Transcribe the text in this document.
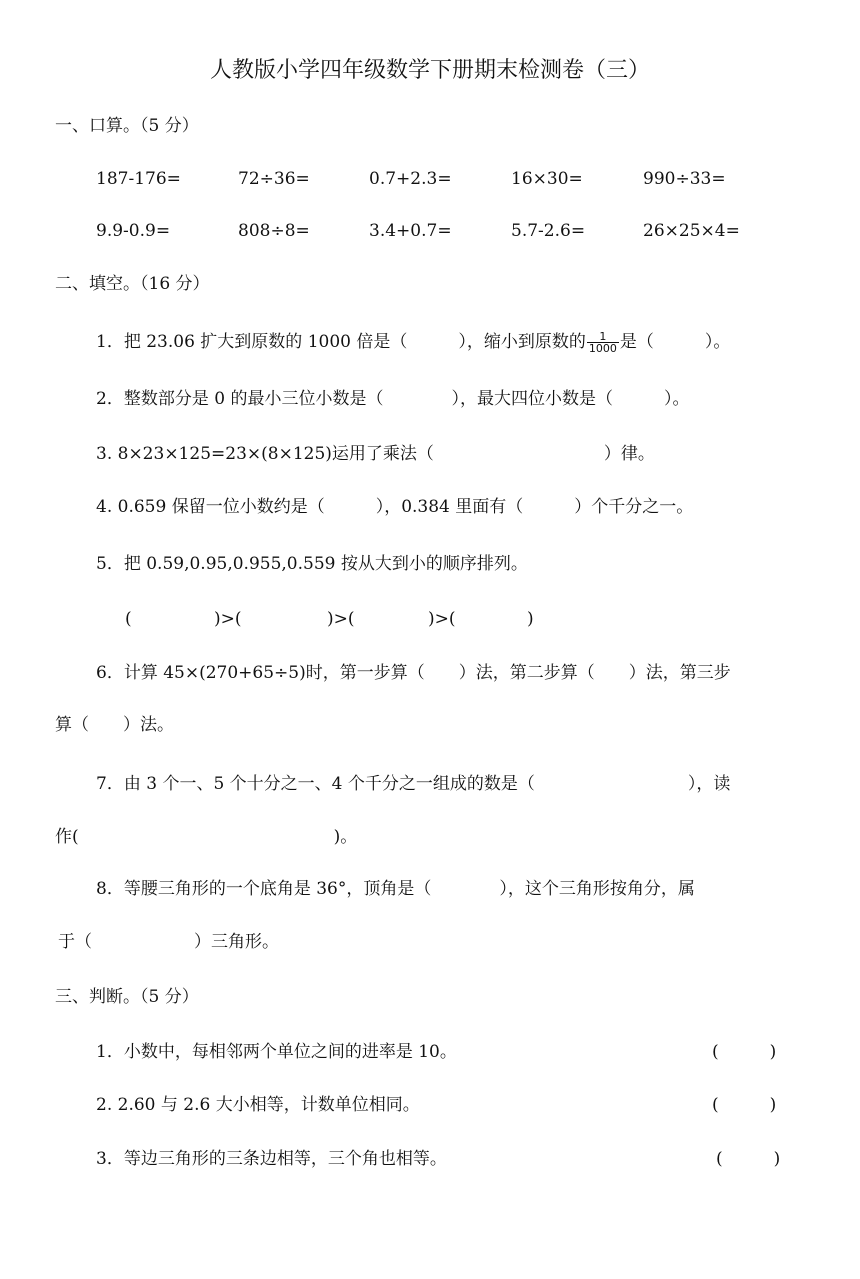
人教版小学四年级数学下册期末检测卷（三）
一、口算。（5 分）
187-176=	72÷36=	0.7+2.3=	16×30=	990÷33=
9.9-0.9=	808÷8=	3.4+0.7=	5.7-2.6=	26×25×4=
二、填空。（16 分）
1．把 23.06 扩大到原数的 1000 倍是（　　　），缩小到原数的 $\frac{1}{1000}$ 是（　　　）。
2．整数部分是 0 的最小三位小数是（　　　　），最大四位小数是（　　　）。
3. 8×23×125=23×(8×125)运用了乘法（　　　　　　　　　　）律。
4. 0.659 保留一位小数约是（　　　），0.384 里面有（　　　）个千分之一。
5．把 0.59,0.95,0.955,0.559 按从大到小的顺序排列。
(	)>(	)>(	)>(	)
6．计算 45×(270+65÷5)时，第一步算（　　）法，第二步算（　　）法，第三步
算（　　）法。
7．由 3 个一、5 个十分之一、4 个千分之一组成的数是（　　　　　　　　　），读
作(　　　　　　　　　　　　　　　)。
8．等腰三角形的一个底角是 36°，顶角是（　　　　），这个三角形按角分，属
于（　　　　　　）三角形。
三、判断。（5 分）
1．小数中，每相邻两个单位之间的进率是 10。	(　　　)
2. 2.60 与 2.6 大小相等，计数单位相同。	(　　　)
3．等边三角形的三条边相等，三个角也相等。	(　　　)
